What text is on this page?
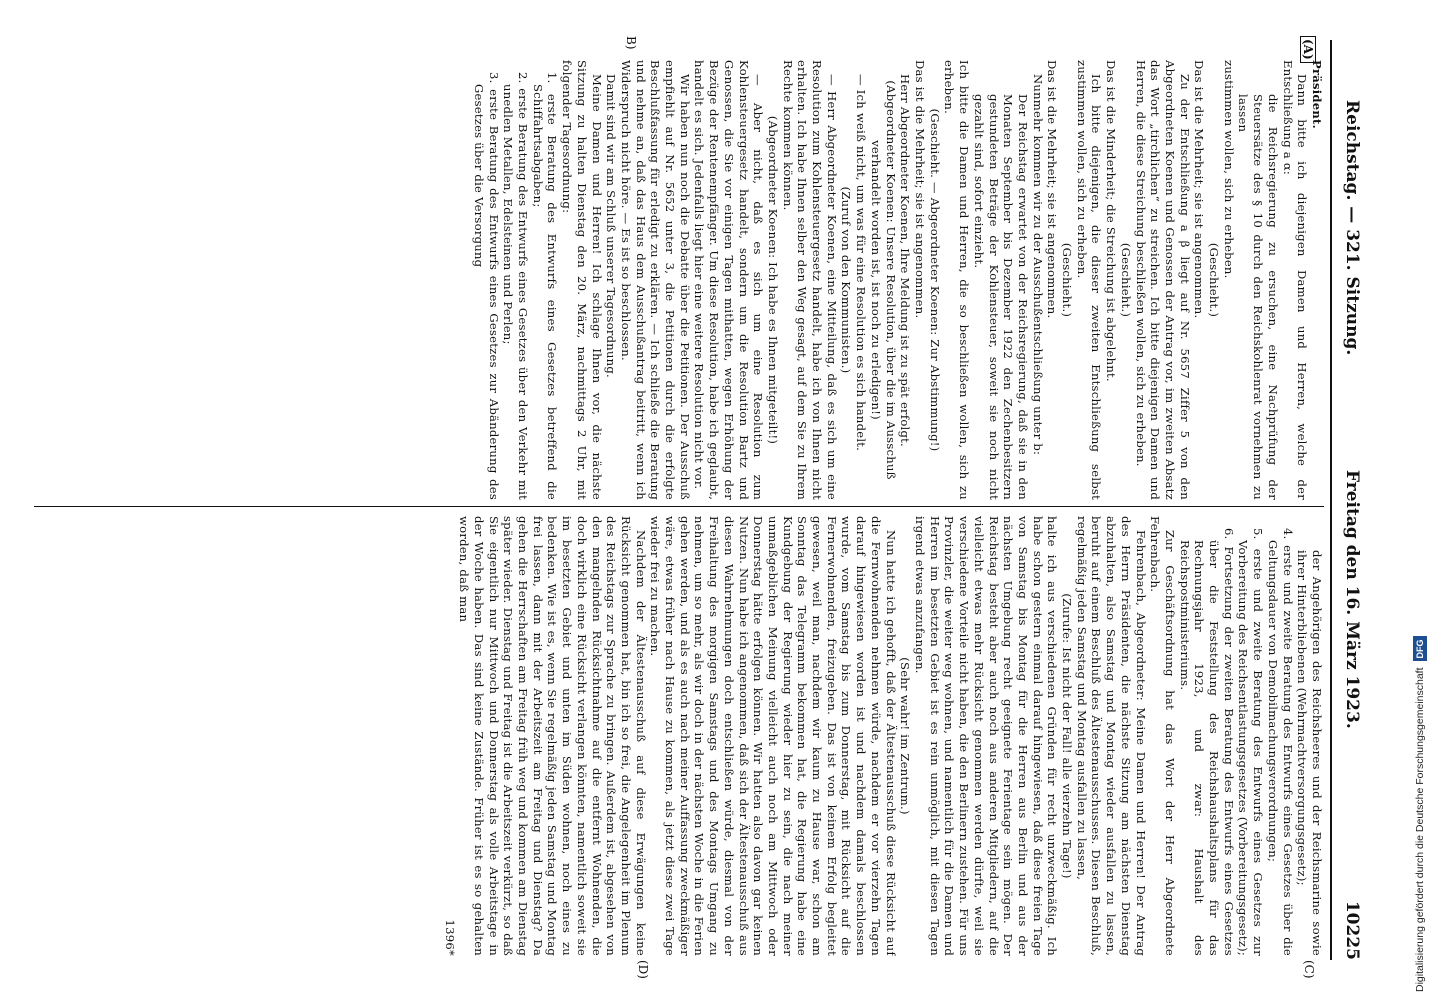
Reichstag. — 321. Sitzung.
Freitag den 16. März 1923.
10225
(A)
B)
(C)
(D)

Präsident.

Dann bitte ich diejenigen Damen und Herren, welche der Entschließung a α:

die Reichsregierung zu ersuchen, eine Nachprüfung der Steuersätze des § 10 durch den Reichskohlenrat vornehmen zu lassen

zustimmen wollen, sich zu erheben.

(Geschieht.)

Das ist die Mehrheit; sie ist angenommen.

Zu der Entschließung a β liegt auf Nr. 5657 Ziffer 5 von den Abgeordneten Koenen und Genossen der Antrag vor, im zweiten Absatz das Wort „tirchlichen“ zu streichen. Ich bitte diejenigen Damen und Herren, die diese Streichung beschließen wollen, sich zu erheben.

(Geschieht.)

Das ist die Minderheit; die Streichung ist abgelehnt.

Ich bitte diejenigen, die dieser zweiten Entschließung selbst zustimmen wollen, sich zu erheben.

(Geschieht.)

Das ist die Mehrheit; sie ist angenommen.

Nunmehr kommen wir zu der Ausschußentschließung unter b:

Der Reichstag erwartet von der Reichsregierung, daß sie in den Monaten September bis Dezember 1922 den Zechenbesitzern gestundeten Beträge der Kohlensteuer, soweit sie noch nicht gezahlt sind, sofort einzieht.

Ich bitte die Damen und Herren, die so beschließen wollen, sich zu erheben.

(Geschieht. — Abgeordneter Koenen: Zur Abstimmung!)

Das ist die Mehrheit; sie ist angenommen.

Herr Abgeordneter Koenen, Ihre Meldung ist zu spät erfolgt.

(Abgeordneter Koenen: Unsere Resolution, über die im Ausschuß verhandelt worden ist, ist noch zu erledigen!)

— Ich weiß nicht, um was für eine Resolution es sich handelt.

(Zuruf von den Kommunisten.)

— Herr Abgeordneter Koenen, eine Mitteilung, daß es sich um eine Resolution zum Kohlensteuergesetz handelt, habe ich von Ihnen nicht erhalten. Ich habe Ihnen selber den Weg gesagt, auf dem Sie zu Ihrem Rechte kommen können.

(Abgeordneter Koenen: Ich habe es Ihnen mitgeteilt!)

— Aber nicht, daß es sich um eine Resolution zum Kohlensteuergesetz handelt, sondern um die Resolution Bartz und Genossen, die Sie vor einigen Tagen mithatten, wegen Erhöhung der Bezüge der Rentenempfänger. Um diese Resolution, habe ich geglaubt, handelt es sich. Jedenfalls liegt hier eine weitere Resolution nicht vor.

Wir haben nun noch die Debatte über die Petitionen. Der Ausschuß empfiehlt auf Nr. 5652 unter 3, die Petitionen durch die erfolgte Beschlußfassung für erledigt zu erklären. — Ich schließe die Beratung und nehme an, daß das Haus dem Ausschußantrag beitritt, wenn ich Widerspruch nicht höre. — Es ist so beschlossen.

Damit sind wir am Schluß unserer Tagesordnung.

Meine Damen und Herren! Ich schlage Ihnen vor, die nächste Sitzung zu halten Dienstag den 20. März, nachmittags 2 Uhr, mit folgender Tagesordnung:

1. erste Beratung des Entwurfs eines Gesetzes betreffend die Schiffahrtsabgaben;

2. erste Beratung des Entwurfs eines Gesetzes über den Verkehr mit unedlen Metallen, Edelsteinen und Perlen;

3. erste Beratung des Entwurfs eines Gesetzes zur Abänderung des Gesetzes über die Versorgung

der Angehörigen des Reichsheeres und der Reichsmarine sowie ihrer Hinterbliebenen (Wehrmachtversorgungsgesetz);

4. erste und zweite Beratung des Entwurfs eines Gesetzes über die Geltungsdauer von Demobilmachungsverordnungen;

5. erste und zweite Beratung des Entwurfs eines Gesetzes zur Vorbereitung des Reichsentlastungsgesetzes (Vorbereitungsgesetz);

6. Fortsetzung der zweiten Beratung des Entwurfs eines Gesetzes über die Feststellung des Reichshaushaltsplans für das Rechnungsjahr 1923, und zwar: Haushalt des Reichspostministeriums.

Zur Geschäftsordnung hat das Wort der Herr Abgeordnete Fehrenbach.

Fehrenbach, Abgeordneter: Meine Damen und Herren! Der Antrag des Herrn Präsidenten, die nächste Sitzung am nächsten Dienstag abzuhalten, also Samstag und Montag wieder ausfallen zu lassen, beruht auf einem Beschluß des Ältestenausschusses. Diesen Beschluß, regelmäßig jeden Samstag und Montag ausfallen zu lassen,

(Zurufe: Ist nicht der Fall! alle vierzehn Tage!)

halte ich aus verschiedenen Gründen für recht unzweckmäßig. Ich habe schon gestern einmal darauf hingewiesen, daß diese freien Tage von Samstag bis Montag für die Herren aus Berlin und aus der nächsten Umgebung recht geeignete Ferientage sein mögen. Der Reichstag besteht aber auch noch aus anderen Mitgliedern, auf die vielleicht etwas mehr Rücksicht genommen werden dürfte, weil sie verschiedene Vorteile nicht haben, die den Berlinern zustehen. Für uns Provinzler, die weiter weg wohnen, und namentlich für die Damen und Herren im besetzten Gebiet ist es rein unmöglich, mit diesen Tagen irgend etwas anzufangen.

(Sehr wahr! im Zentrum.)

Nun hatte ich gehofft, daß der Ältestenausschuß diese Rücksicht auf die Fernwohnenden nehmen würde, nachdem er vor vierzehn Tagen darauf hingewiesen worden ist und nachdem damals beschlossen wurde, vom Samstag bis zum Donnerstag, mit Rücksicht auf die Fernerwohnenden, freizugeben. Das ist von keinem Erfolg begleitet gewesen, weil man, nachdem wir kaum zu Hause war, schon am Sonntag das Telegramm bekommen hat, die Regierung habe eine Kundgebung der Regierung wieder hier zu sein, die nach meiner unmaßgeblichen Meinung vielleicht auch noch am Mittwoch oder Donnerstag hätte erfolgen können. Wir hatten also davon gar keinen Nutzen. Nun habe ich angenommen, daß sich der Ältestenausschuß aus diesen Wahrnehmungen doch entschließen würde, diesmal von der Freihaltung des morgigen Samstags und des Montags Umgang zu nehmen, um so mehr, als wir doch in der nächsten Woche in die Ferien gehen werden, und als es auch nach meiner Auffassung zweckmäßiger wäre, etwas früher nach Hause zu kommen, als jetzt diese zwei Tage wieder frei zu machen.

Nachdem der Ältestenausschuß auf diese Erwägungen keine Rücksicht genommen hat, bin ich so frei, die Angelegenheit im Plenum des Reichstags zur Sprache zu bringen. Außerdem ist, abgesehen von den mangelnden Rücksichtnahme auf die entfernt Wohnenden, die doch wirklich eine Rücksicht verlangen könnten, namentlich soweit sie im besetzten Gebiet und unten im Süden wohnen, noch eines zu bedenken. Wie ist es, wenn Sie regelmäßig jeden Samstag und Montag frei lassen, dann mit der Arbeitszeit am Freitag und Dienstag? Da gehen die Herrschaften am Freitag früh weg und kommen am Dienstag später wieder. Dienstag und Freitag ist die Arbeitszeit verkürzt, so daß Sie eigentlich nur Mittwoch und Donnerstag als volle Arbeitstage in der Woche haben. Das sind keine Zustände. Früher ist es so gehalten worden, daß man

1396*	Digitalisierung gefördert durch die Deutsche ForschungsgemeinschaftDFG
